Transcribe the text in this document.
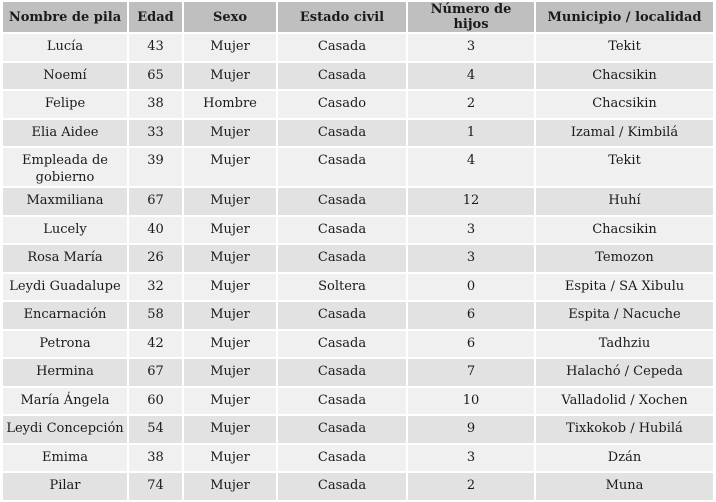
Nombre de pila	Edad	Sexo	Estado civil	Número de hijos	Municipio / localidad
Lucía	43	Mujer	Casada	3	Tekit
Noemí	65	Mujer	Casada	4	Chacsikin
Felipe	38	Hombre	Casado	2	Chacsikin
Elia Aidee	33	Mujer	Casada	1	Izamal / Kimbilá
Empleada de gobierno	39	Mujer	Casada	4	Tekit
Maxmiliana	67	Mujer	Casada	12	Huhí
Lucely	40	Mujer	Casada	3	Chacsikin
Rosa María	26	Mujer	Casada	3	Temozon
Leydi Guadalupe	32	Mujer	Soltera	0	Espita / SA Xibulu
Encarnación	58	Mujer	Casada	6	Espita / Nacuche
Petrona	42	Mujer	Casada	6	Tadhziu
Hermina	67	Mujer	Casada	7	Halachó / Cepeda
María Ángela	60	Mujer	Casada	10	Valladolid / Xochen
Leydi Concepción	54	Mujer	Casada	9	Tixkokob / Hubilá
Emima	38	Mujer	Casada	3	Dzán
Pilar	74	Mujer	Casada	2	Muna
